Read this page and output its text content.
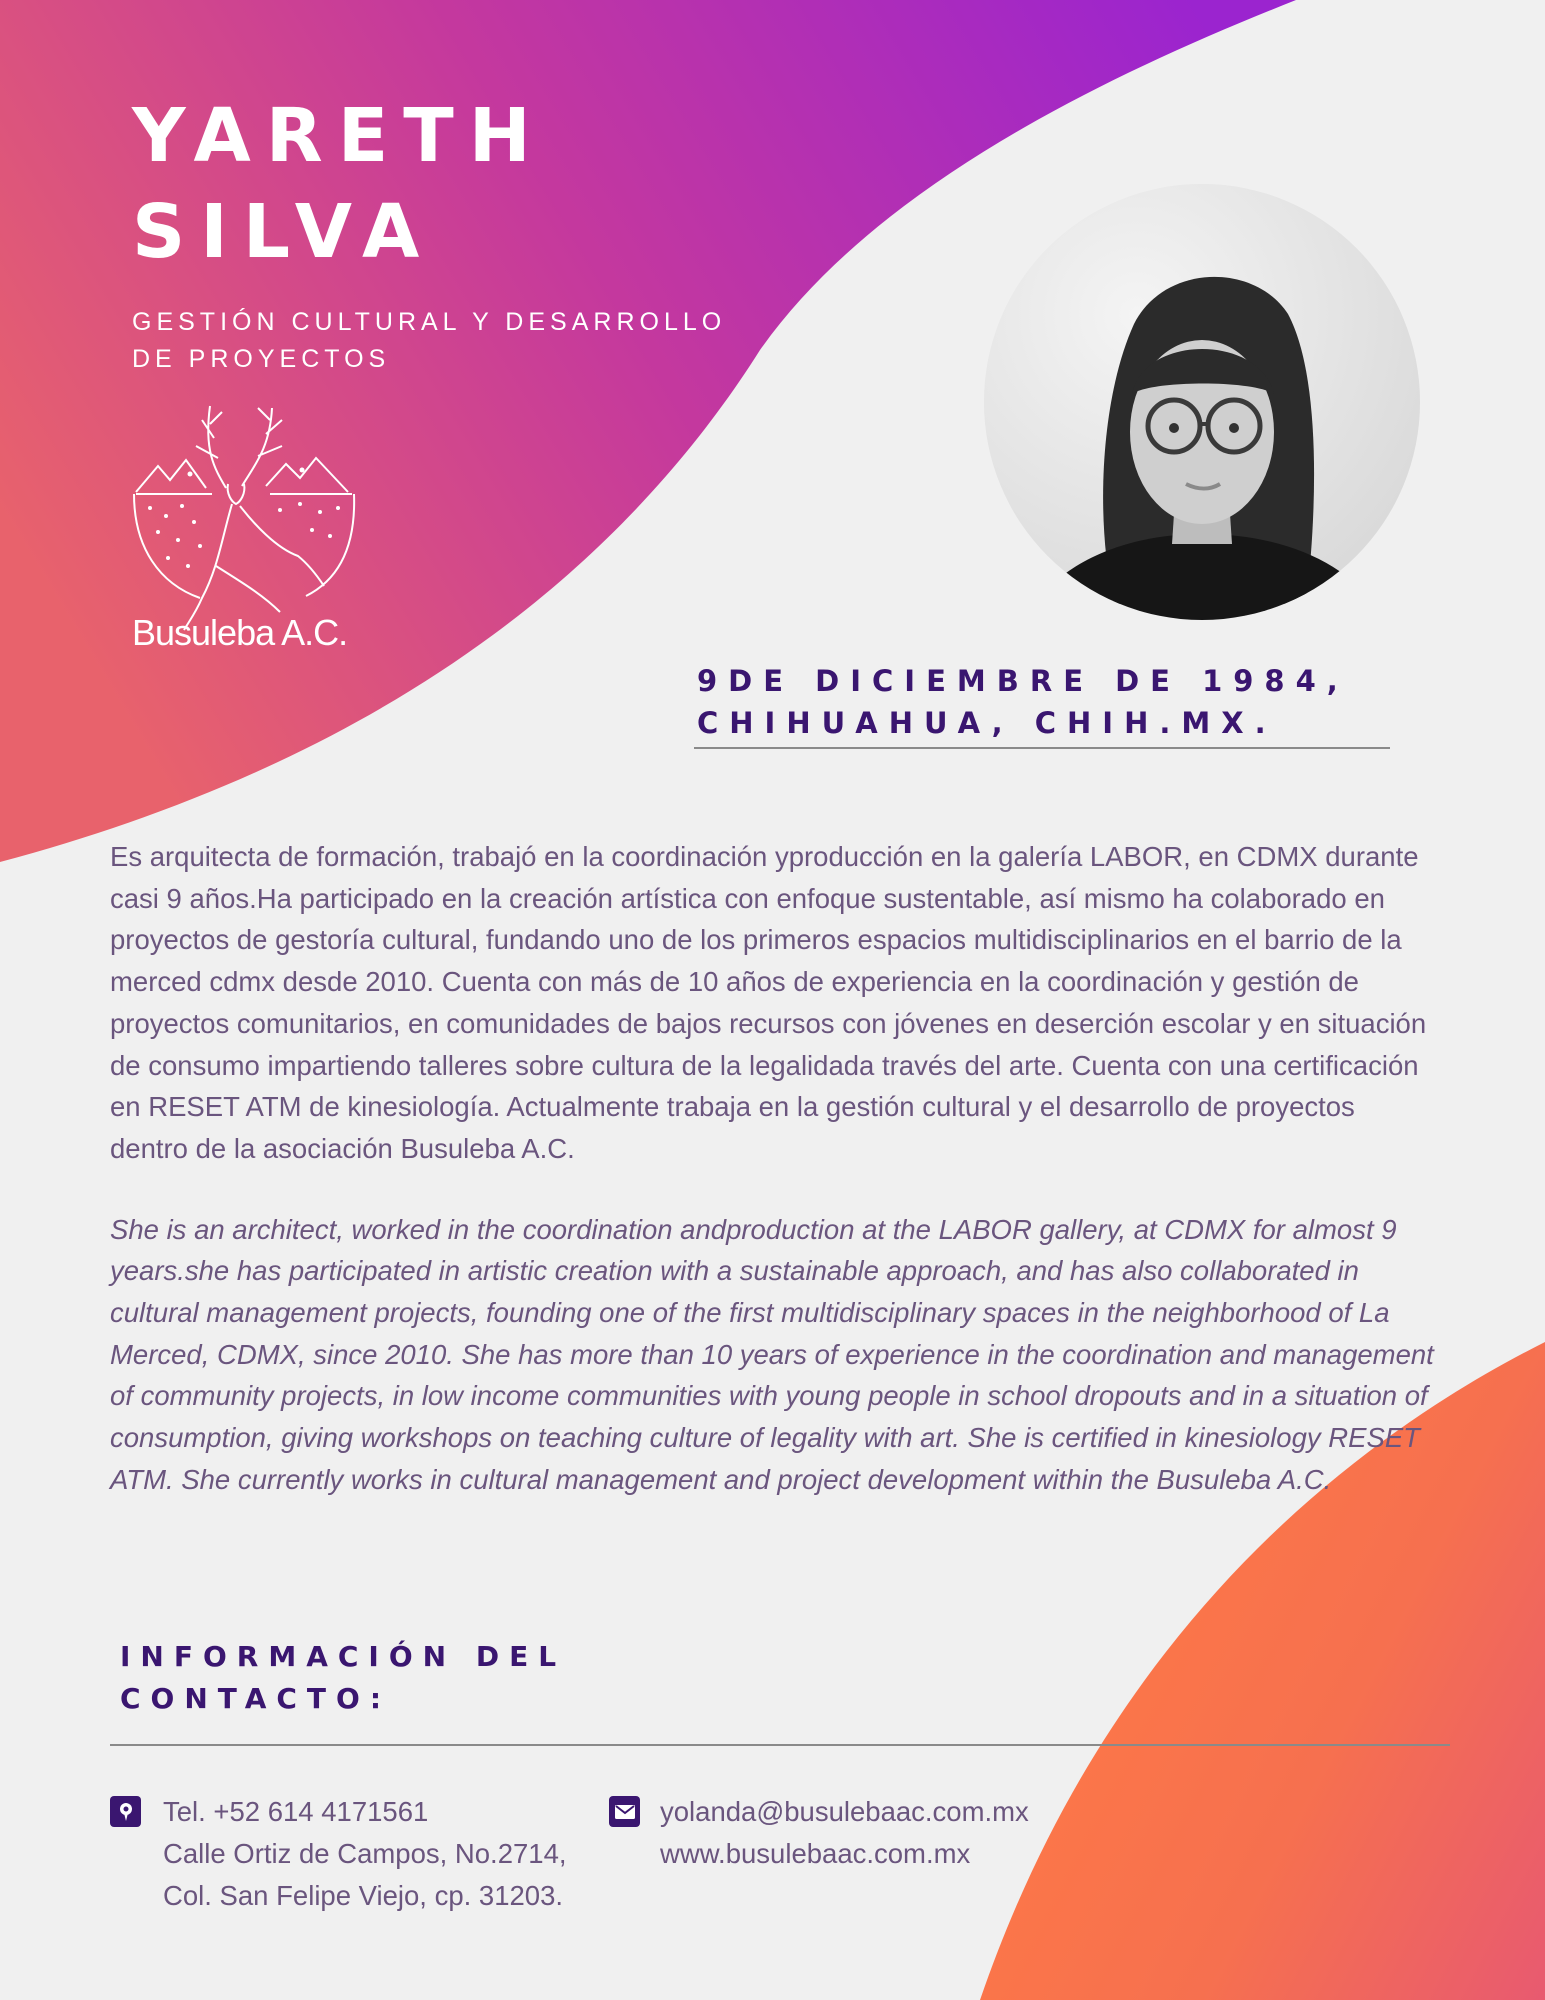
YARETH
SILVA
GESTIÓN CULTURAL Y DESARROLLO DE PROYECTOS
Busuleba A.C.
9DE DICIEMBRE DE 1984,
CHIHUAHUA, CHIH.MX.

Es arquitecta de formación, trabajó en la coordinación yproducción en la galería LABOR, en CDMX durante casi 9 años.Ha participado en la creación artística con enfoque sustentable, así mismo ha colaborado en proyectos de gestoría cultural, fundando uno de los primeros espacios multidisciplinarios en el barrio de la merced cdmx desde 2010. Cuenta con más de 10 años de experiencia en la coordinación y gestión de proyectos comunitarios, en comunidades de bajos recursos con jóvenes en deserción escolar y en situación de consumo impartiendo talleres sobre cultura de la legalidada través del arte. Cuenta con una certificación en RESET ATM de kinesiología. Actualmente trabaja en la gestión cultural y el desarrollo de proyectos dentro de la asociación Busuleba A.C.

She is an architect, worked in the coordination andproduction at the LABOR gallery, at CDMX for almost 9 years.she has participated in artistic creation with a sustainable approach, and has also collaborated in cultural management projects, founding one of the first multidisciplinary spaces in the neighborhood of La Merced, CDMX, since 2010. She has more than 10 years of experience in the coordination and management of community projects, in low income communities with young people in school dropouts and in a situation of consumption, giving workshops on teaching culture of legality with art. She is certified in kinesiology RESET ATM. She currently works in cultural management and project development within the Busuleba A.C.

INFORMACIÓN DEL
CONTACTO:
Tel. +52 614 4171561
Calle Ortiz de Campos, No.2714,
Col. San Felipe Viejo, cp. 31203.
yolanda@busulebaac.com.mx
www.busulebaac.com.mx
